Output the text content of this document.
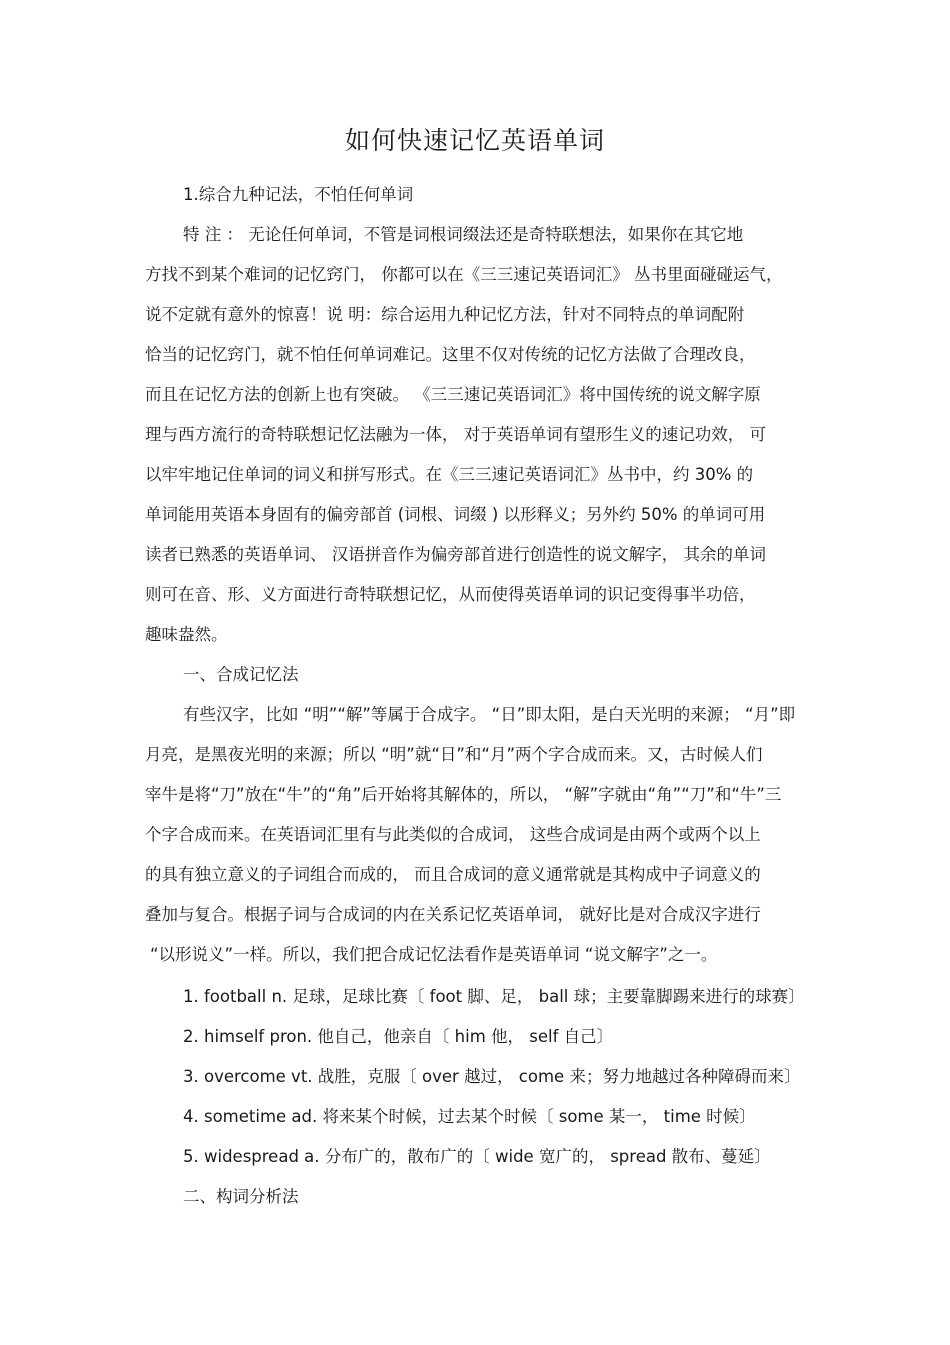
如何快速记忆英语单词
1.综合九种记法，不怕任何单词
特 注 ： 无论任何单词，不管是词根词缀法还是奇特联想法，如果你在其它地
方找不到某个难词的记忆窍门， 你都可以在《三三速记英语词汇》 丛书里面碰碰运气，
说不定就有意外的惊喜！说 明：综合运用九种记忆方法，针对不同特点的单词配附
恰当的记忆窍门，就不怕任何单词难记。这里不仅对传统的记忆方法做了合理改良，
而且在记忆方法的创新上也有突破。 《三三速记英语词汇》将中国传统的说文解字原
理与西方流行的奇特联想记忆法融为一体， 对于英语单词有望形生义的速记功效， 可
以牢牢地记住单词的词义和拼写形式。在《三三速记英语词汇》丛书中，约 30% 的
单词能用英语本身固有的偏旁部首 (词根、词缀 ) 以形释义；另外约 50% 的单词可用
读者已熟悉的英语单词、 汉语拼音作为偏旁部首进行创造性的说文解字， 其余的单词
则可在音、形、义方面进行奇特联想记忆，从而使得英语单词的识记变得事半功倍，
趣味盎然。
一、合成记忆法
有些汉字，比如 “明”“解”等属于合成字。 “日”即太阳，是白天光明的来源； “月”即
月亮，是黑夜光明的来源；所以 “明”就“日”和“月”两个字合成而来。又，古时候人们
宰牛是将“刀”放在“牛”的“角”后开始将其解体的，所以， “解”字就由“角”“刀”和“牛”三
个字合成而来。在英语词汇里有与此类似的合成词， 这些合成词是由两个或两个以上
的具有独立意义的子词组合而成的， 而且合成词的意义通常就是其构成中子词意义的
叠加与复合。根据子词与合成词的内在关系记忆英语单词， 就好比是对合成汉字进行
“以形说义”一样。所以，我们把合成记忆法看作是英语单词 “说文解字”之一。
1. football n. 足球，足球比赛〔 foot 脚、足， ball 球；主要靠脚踢来进行的球赛〕
2. himself pron. 他自己，他亲自〔 him 他， self 自己〕
3. overcome vt. 战胜，克服〔 over 越过， come 来；努力地越过各种障碍而来〕
4. sometime ad. 将来某个时候，过去某个时候〔 some 某一， time 时候〕
5. widespread a. 分布广的，散布广的〔 wide 宽广的， spread 散布、蔓延〕
二、构词分析法
